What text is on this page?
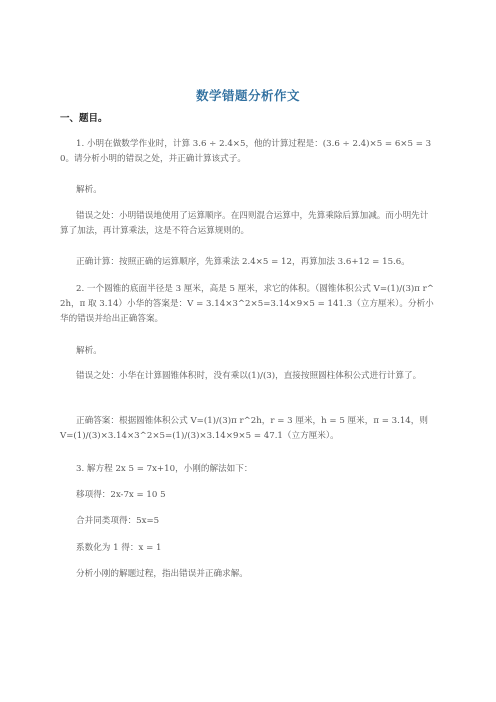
数学错题分析作文
一、题目。
1. 小明在做数学作业时，计算 3.6 ÷ 2.4×5，他的计算过程是：(3.6 ÷ 2.4)×5 = 6×5 = 30。请分析小明的错误之处，并正确计算该式子。
解析。
错误之处：小明错误地使用了运算顺序。在四则混合运算中，先算乘除后算加减。而小明先计算了加法，再计算乘法，这是不符合运算规则的。
正确计算：按照正确的运算顺序，先算乘法 2.4×5 = 12，再算加法 3.6+12 = 15.6。
2. 一个圆锥的底面半径是 3 厘米，高是 5 厘米，求它的体积。（圆锥体积公式 V=(1)/(3)π r^2h，π 取 3.14）小华的答案是：V = 3.14×3^2×5=3.14×9×5 = 141.3（立方厘米）。分析小华的错误并给出正确答案。
解析。
错误之处：小华在计算圆锥体积时，没有乘以(1)/(3)，直接按照圆柱体积公式进行计算了。
正确答案：根据圆锥体积公式 V=(1)/(3)π r^2h，r = 3 厘米，h = 5 厘米，π = 3.14，则 V=(1)/(3)×3.14×3^2×5=(1)/(3)×3.14×9×5 = 47.1（立方厘米）。
3. 解方程 2x 5 = 7x+10，小刚的解法如下：
移项得：2x-7x = 10 5
合并同类项得：5x=5
系数化为 1 得：x = 1
分析小刚的解题过程，指出错误并正确求解。
